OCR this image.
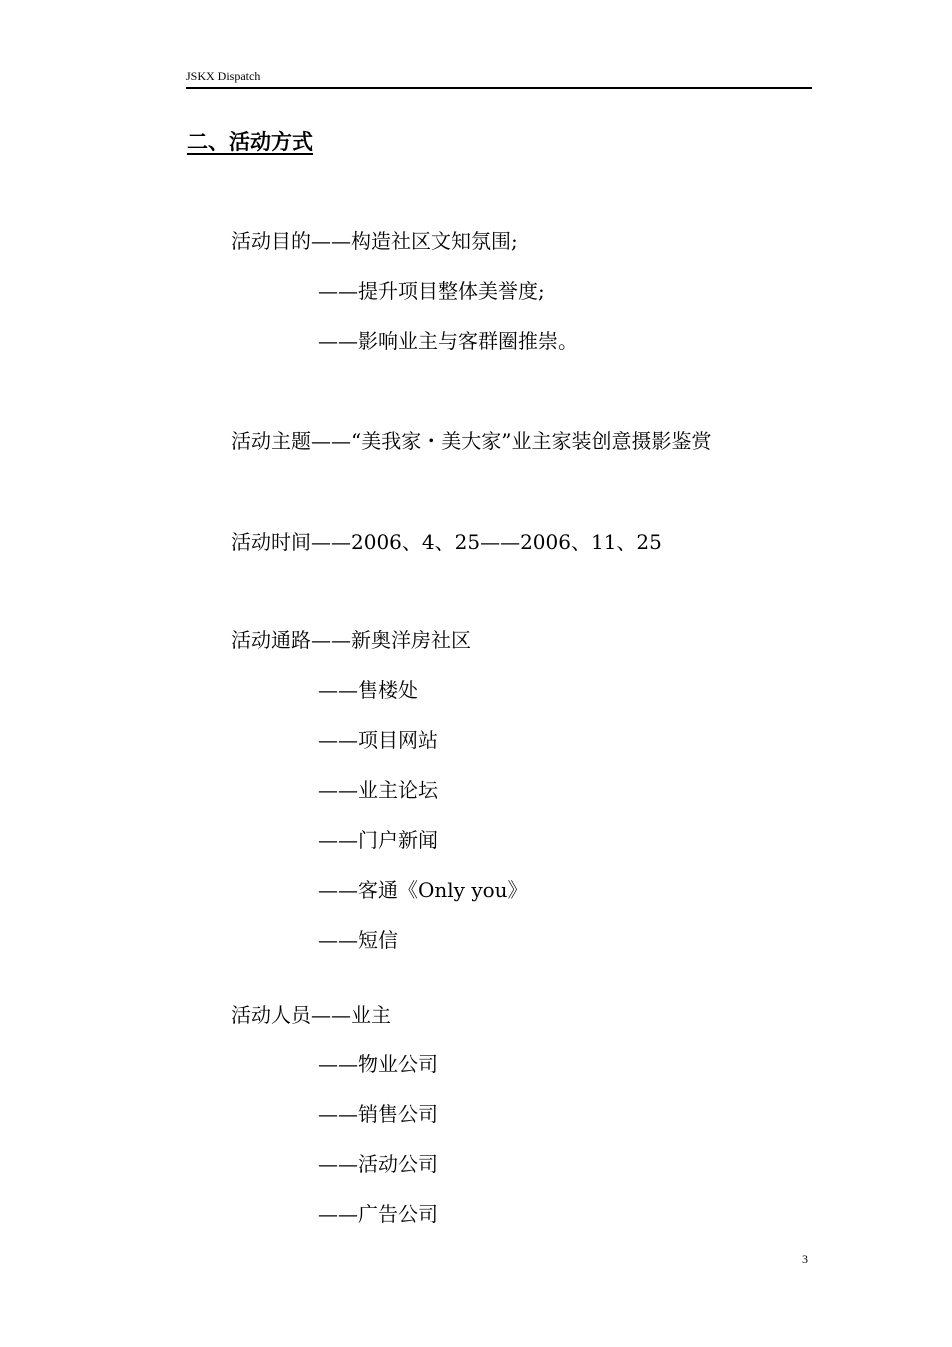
JSKX Dispatch
二、活动方式
活动目的——构造社区文知氛围;
——提升项目整体美誉度;
——影响业主与客群圈推崇。
活动主题——“美我家・美大家”业主家装创意摄影鉴赏
活动时间——2006、4、25——2006、11、25
活动通路——新奥洋房社区
——售楼处
——项目网站
——业主论坛
——门户新闻
——客通《Only you》
——短信
活动人员——业主
——物业公司
——销售公司
——活动公司
——广告公司
3
